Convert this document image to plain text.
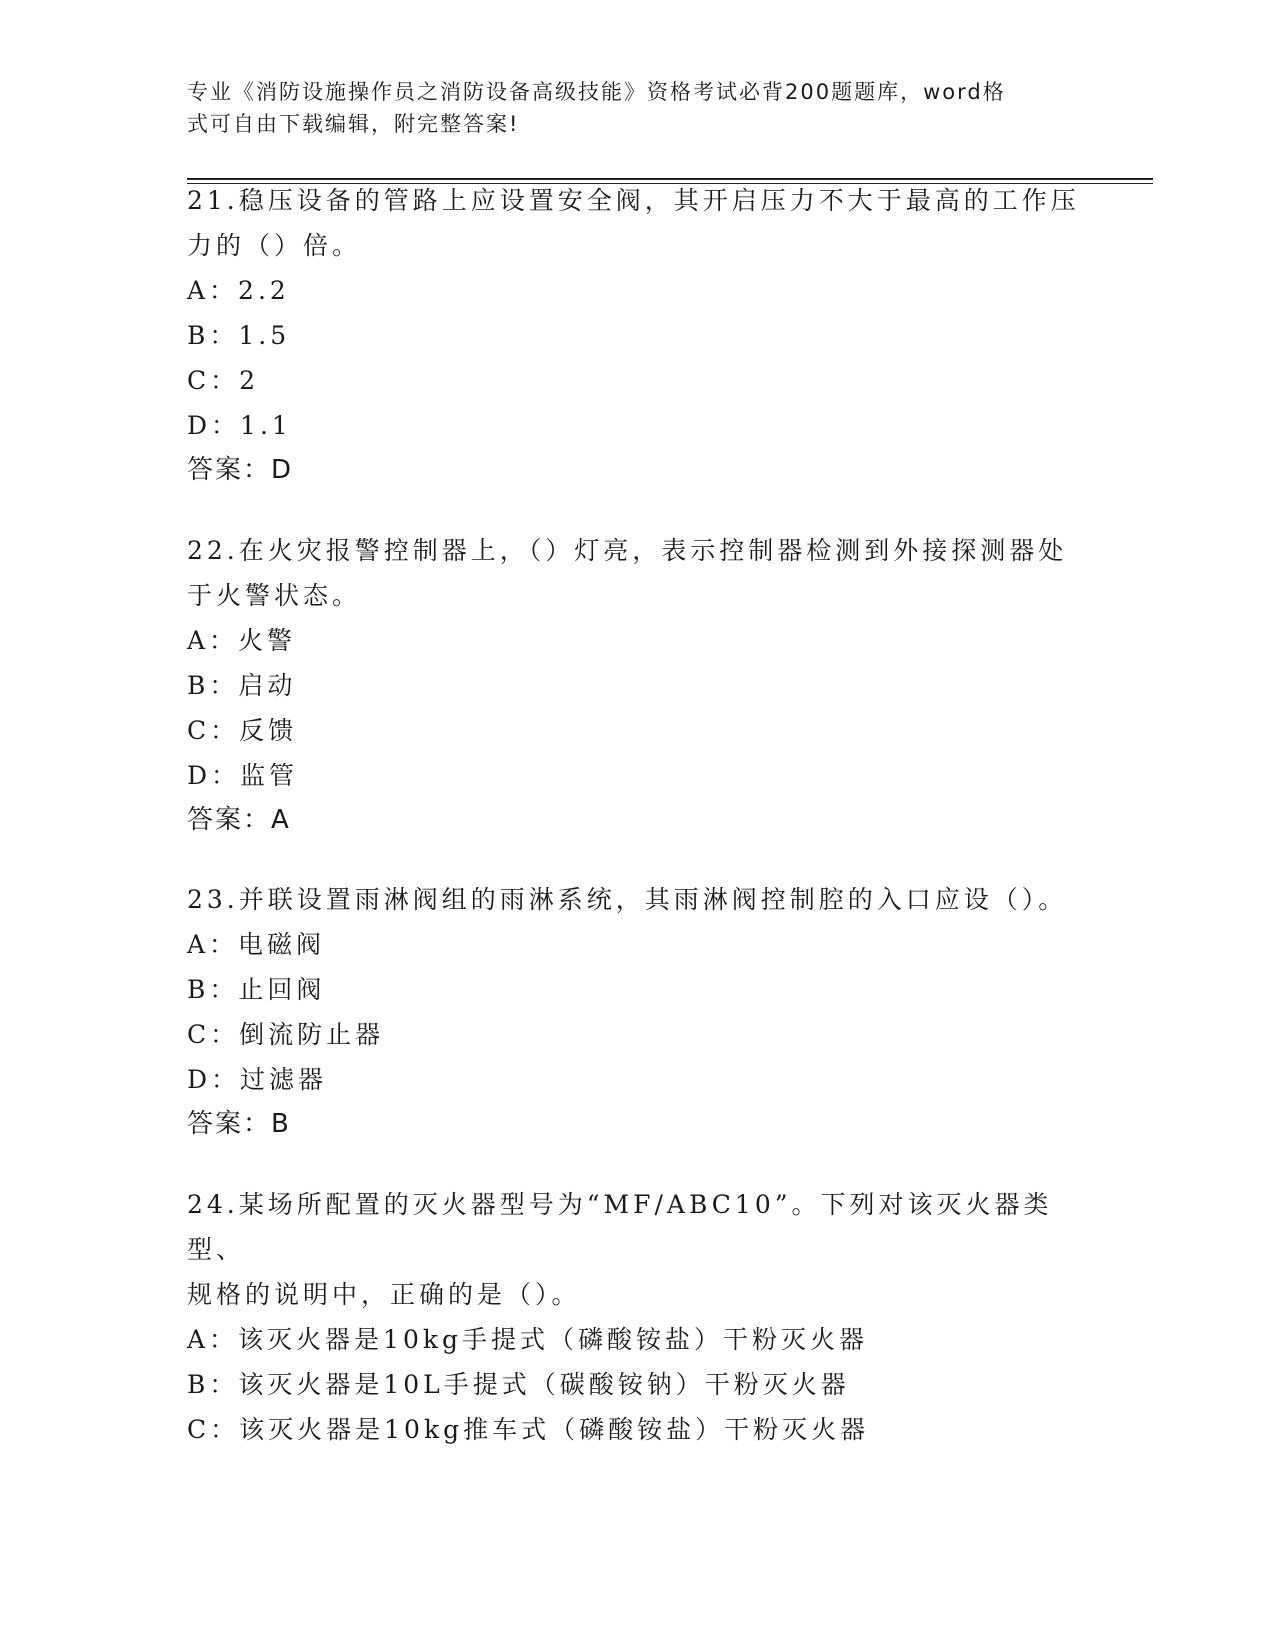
专业《消防设施操作员之消防设备高级技能》资格考试必背200题题库，word格
式可自由下载编辑，附完整答案!

21.稳压设备的管路上应设置安全阀，其开启压力不大于最高的工作压

力的（）倍。

A：2.2

B：1.5

C：2

D：1.1

答案：D

22.在火灾报警控制器上，（）灯亮，表示控制器检测到外接探测器处

于火警状态。

A：火警

B：启动

C：反馈

D：监管

答案：A

23.并联设置雨淋阀组的雨淋系统，其雨淋阀控制腔的入口应设（）。

A：电磁阀

B：止回阀

C：倒流防止器

D：过滤器

答案：B

24.某场所配置的灭火器型号为“MF/ABC10”。下列对该灭火器类型、

规格的说明中，正确的是（）。

A：该灭火器是10kg手提式（磷酸铵盐）干粉灭火器

B：该灭火器是10L手提式（碳酸铵钠）干粉灭火器

C：该灭火器是10kg推车式（磷酸铵盐）干粉灭火器
